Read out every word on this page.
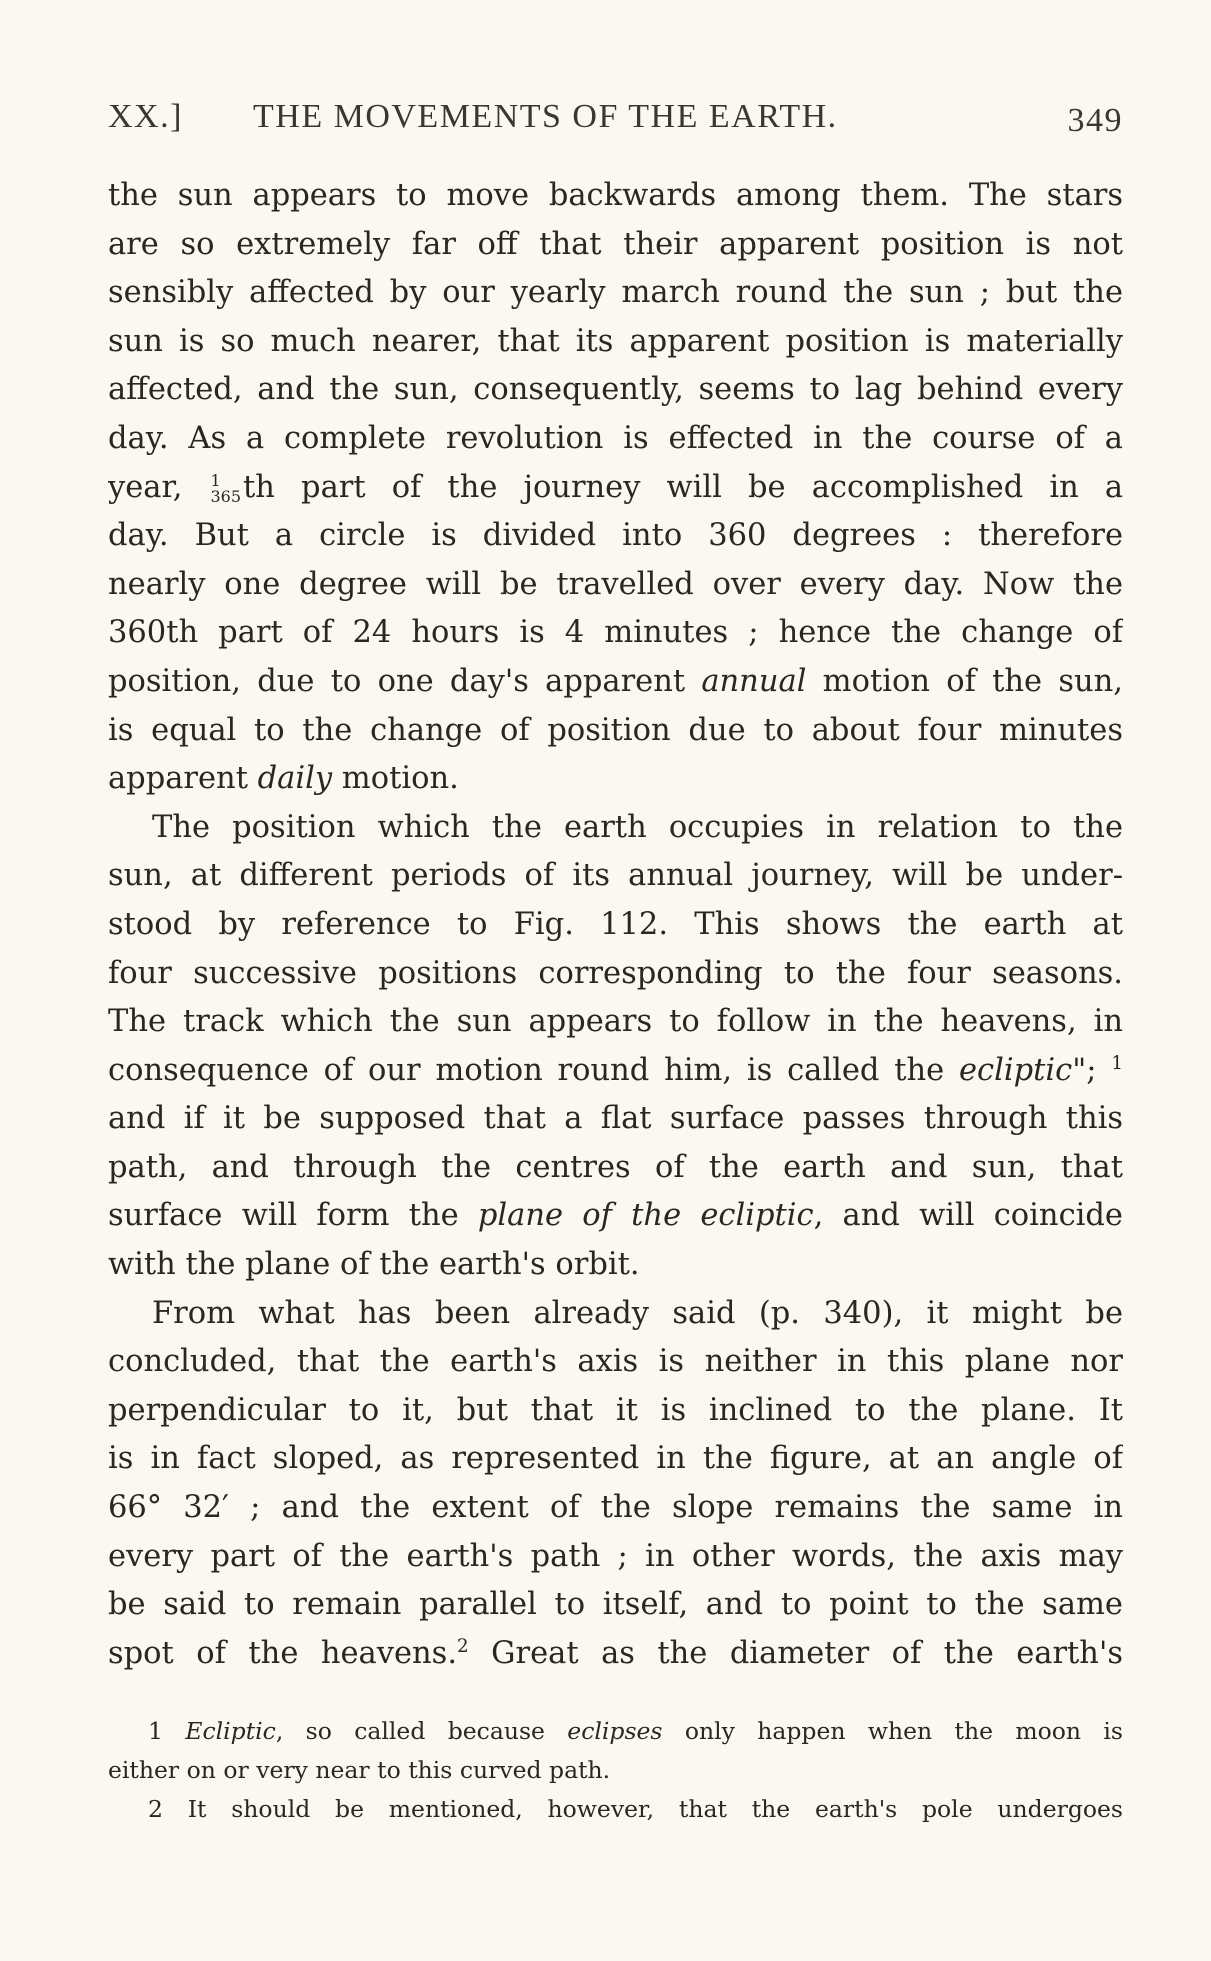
XX.] THE MOVEMENTS OF THE EARTH.	349
the sun appears to move backwards among them. The stars
are so extremely far off that their apparent position is not
sensibly affected by our yearly march round the sun ; but the
sun is so much nearer, that its apparent position is materially
affected, and the sun, consequently, seems to lag behind every
day. As a complete revolution is effected in the course of a
year, 1
365 th part of the journey will be accomplished in a
day. But a circle is divided into 360 degrees : therefore
nearly one degree will be travelled over every day. Now the
360th part of 24 hours is 4 minutes ; hence the change of
position, due to one day's apparent annual motion of the sun,
is equal to the change of position due to about four minutes
apparent daily motion.
The position which the earth occupies in relation to the
sun, at different periods of its annual journey, will be under-
stood by reference to Fig. 112. This shows the earth at
four successive positions corresponding to the four seasons.
The track which the sun appears to follow in the heavens, in
consequence of our motion round him, is called the ecliptic"; $^1$
and if it be supposed that a flat surface passes through this
path, and through the centres of the earth and sun, that
surface will form the plane of the ecliptic, and will coincide
with the plane of the earth's orbit.
From what has been already said (p. 340), it might be
concluded, that the earth's axis is neither in this plane nor
perpendicular to it, but that it is inclined to the plane. It
is in fact sloped, as represented in the figure, at an angle of
66° 32′ ; and the extent of the slope remains the same in
every part of the earth's path ; in other words, the axis may
be said to remain parallel to itself, and to point to the same
spot of the heavens.$^2$ Great as the diameter of the earth's
1 Ecliptic, so called because eclipses only happen when the moon is
either on or very near to this curved path.
2 It should be mentioned, however, that the earth's pole undergoes
